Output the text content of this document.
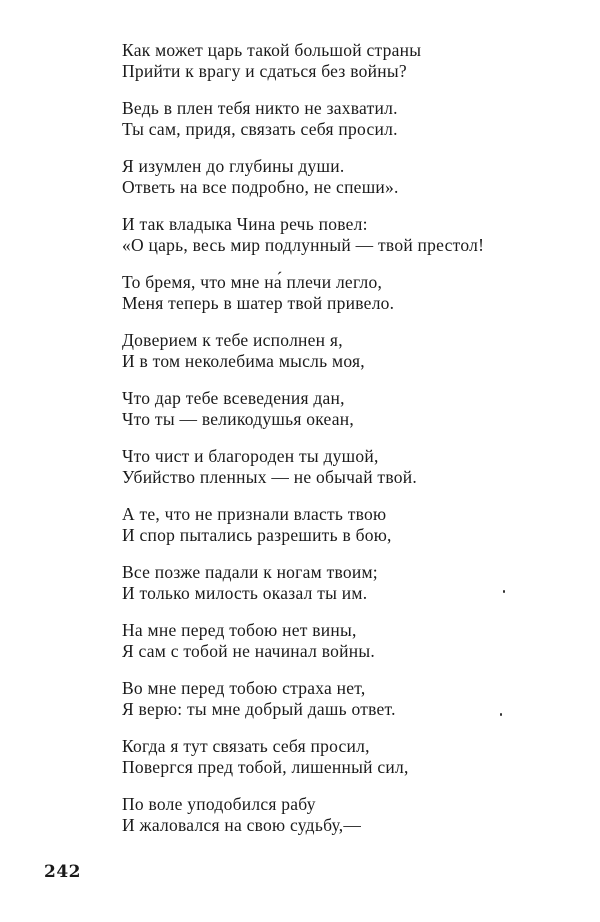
Как может царь такой большой страны
Прийти к врагу и сдаться без войны?
Ведь в плен тебя никто не захватил.
Ты сам, придя, связать себя просил.
Я изумлен до глубины души.
Ответь на все подробно, не спеши».
И так владыка Чина речь повел:
«О царь, весь мир подлунный — твой престол!
То бремя, что мне на́ плечи легло,
Меня теперь в шатер твой привело.
Доверием к тебе исполнен я,
И в том неколебима мысль моя,
Что дар тебе всеведения дан,
Что ты — великодушья океан,
Что чист и благороден ты душой,
Убийство пленных — не обычай твой.
А те, что не признали власть твою
И спор пытались разрешить в бою,
Все позже падали к ногам твоим;
И только милость оказал ты им.
На мне перед тобою нет вины,
Я сам с тобой не начинал войны.
Во мне перед тобою страха нет,
Я верю: ты мне добрый дашь ответ.
Когда я тут связать себя просил,
Повергся пред тобой, лишенный сил,
По воле уподобился рабу
И жаловался на свою судьбу,—
242
